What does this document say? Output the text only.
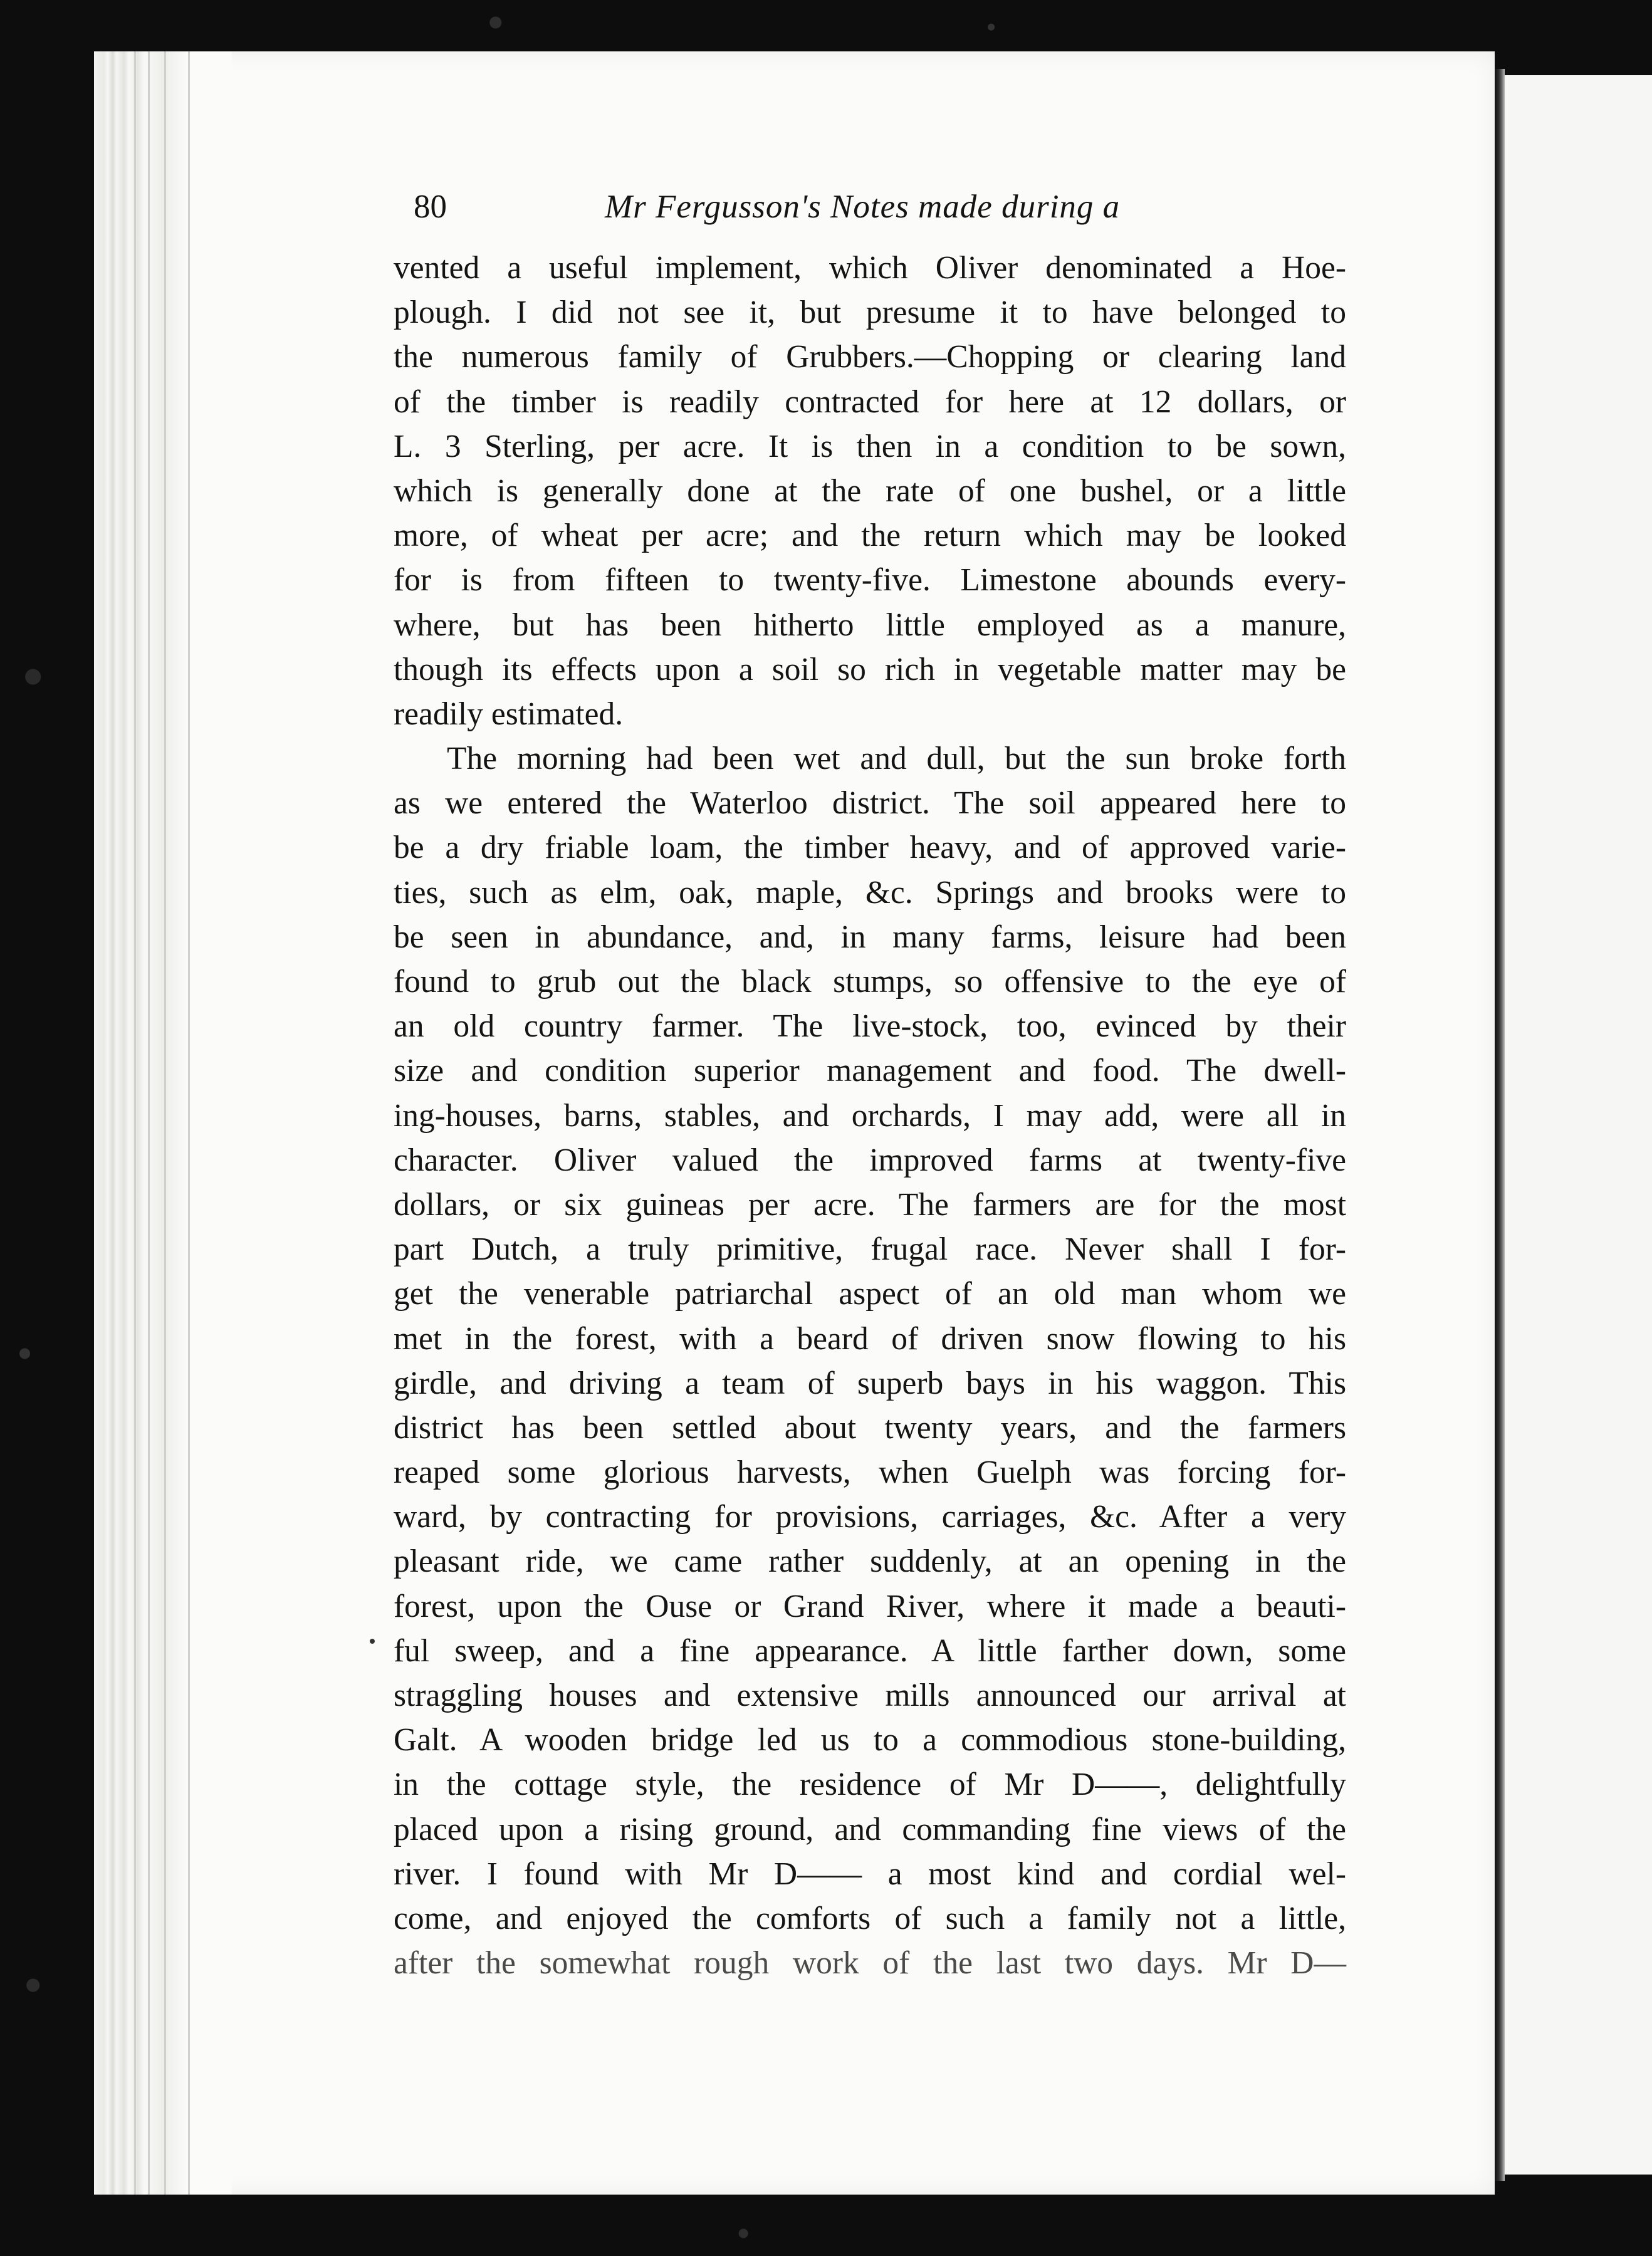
80	Mr Fergusson's Notes made during a
vented a useful implement, which Oliver denominated a Hoe-
plough. I did not see it, but presume it to have belonged to
the numerous family of Grubbers.—Chopping or clearing land
of the timber is readily contracted for here at 12 dollars, or
L. 3 Sterling, per acre. It is then in a condition to be sown,
which is generally done at the rate of one bushel, or a little
more, of wheat per acre; and the return which may be looked
for is from fifteen to twenty-five. Limestone abounds every-
where, but has been hitherto little employed as a manure,
though its effects upon a soil so rich in vegetable matter may be
readily estimated.
The morning had been wet and dull, but the sun broke forth
as we entered the Waterloo district. The soil appeared here to
be a dry friable loam, the timber heavy, and of approved varie-
ties, such as elm, oak, maple, &c. Springs and brooks were to
be seen in abundance, and, in many farms, leisure had been
found to grub out the black stumps, so offensive to the eye of
an old country farmer. The live-stock, too, evinced by their
size and condition superior management and food. The dwell-
ing-houses, barns, stables, and orchards, I may add, were all in
character. Oliver valued the improved farms at twenty-five
dollars, or six guineas per acre. The farmers are for the most
part Dutch, a truly primitive, frugal race. Never shall I for-
get the venerable patriarchal aspect of an old man whom we
met in the forest, with a beard of driven snow flowing to his
girdle, and driving a team of superb bays in his waggon. This
district has been settled about twenty years, and the farmers
reaped some glorious harvests, when Guelph was forcing for-
ward, by contracting for provisions, carriages, &c. After a very
pleasant ride, we came rather suddenly, at an opening in the
forest, upon the Ouse or Grand River, where it made a beauti-
ful sweep, and a fine appearance. A little farther down, some
straggling houses and extensive mills announced our arrival at
Galt. A wooden bridge led us to a commodious stone-building,
in the cottage style, the residence of Mr D——, delightfully
placed upon a rising ground, and commanding fine views of the
river. I found with Mr D—— a most kind and cordial wel-
come, and enjoyed the comforts of such a family not a little,
after the somewhat rough work of the last two days. Mr D—
